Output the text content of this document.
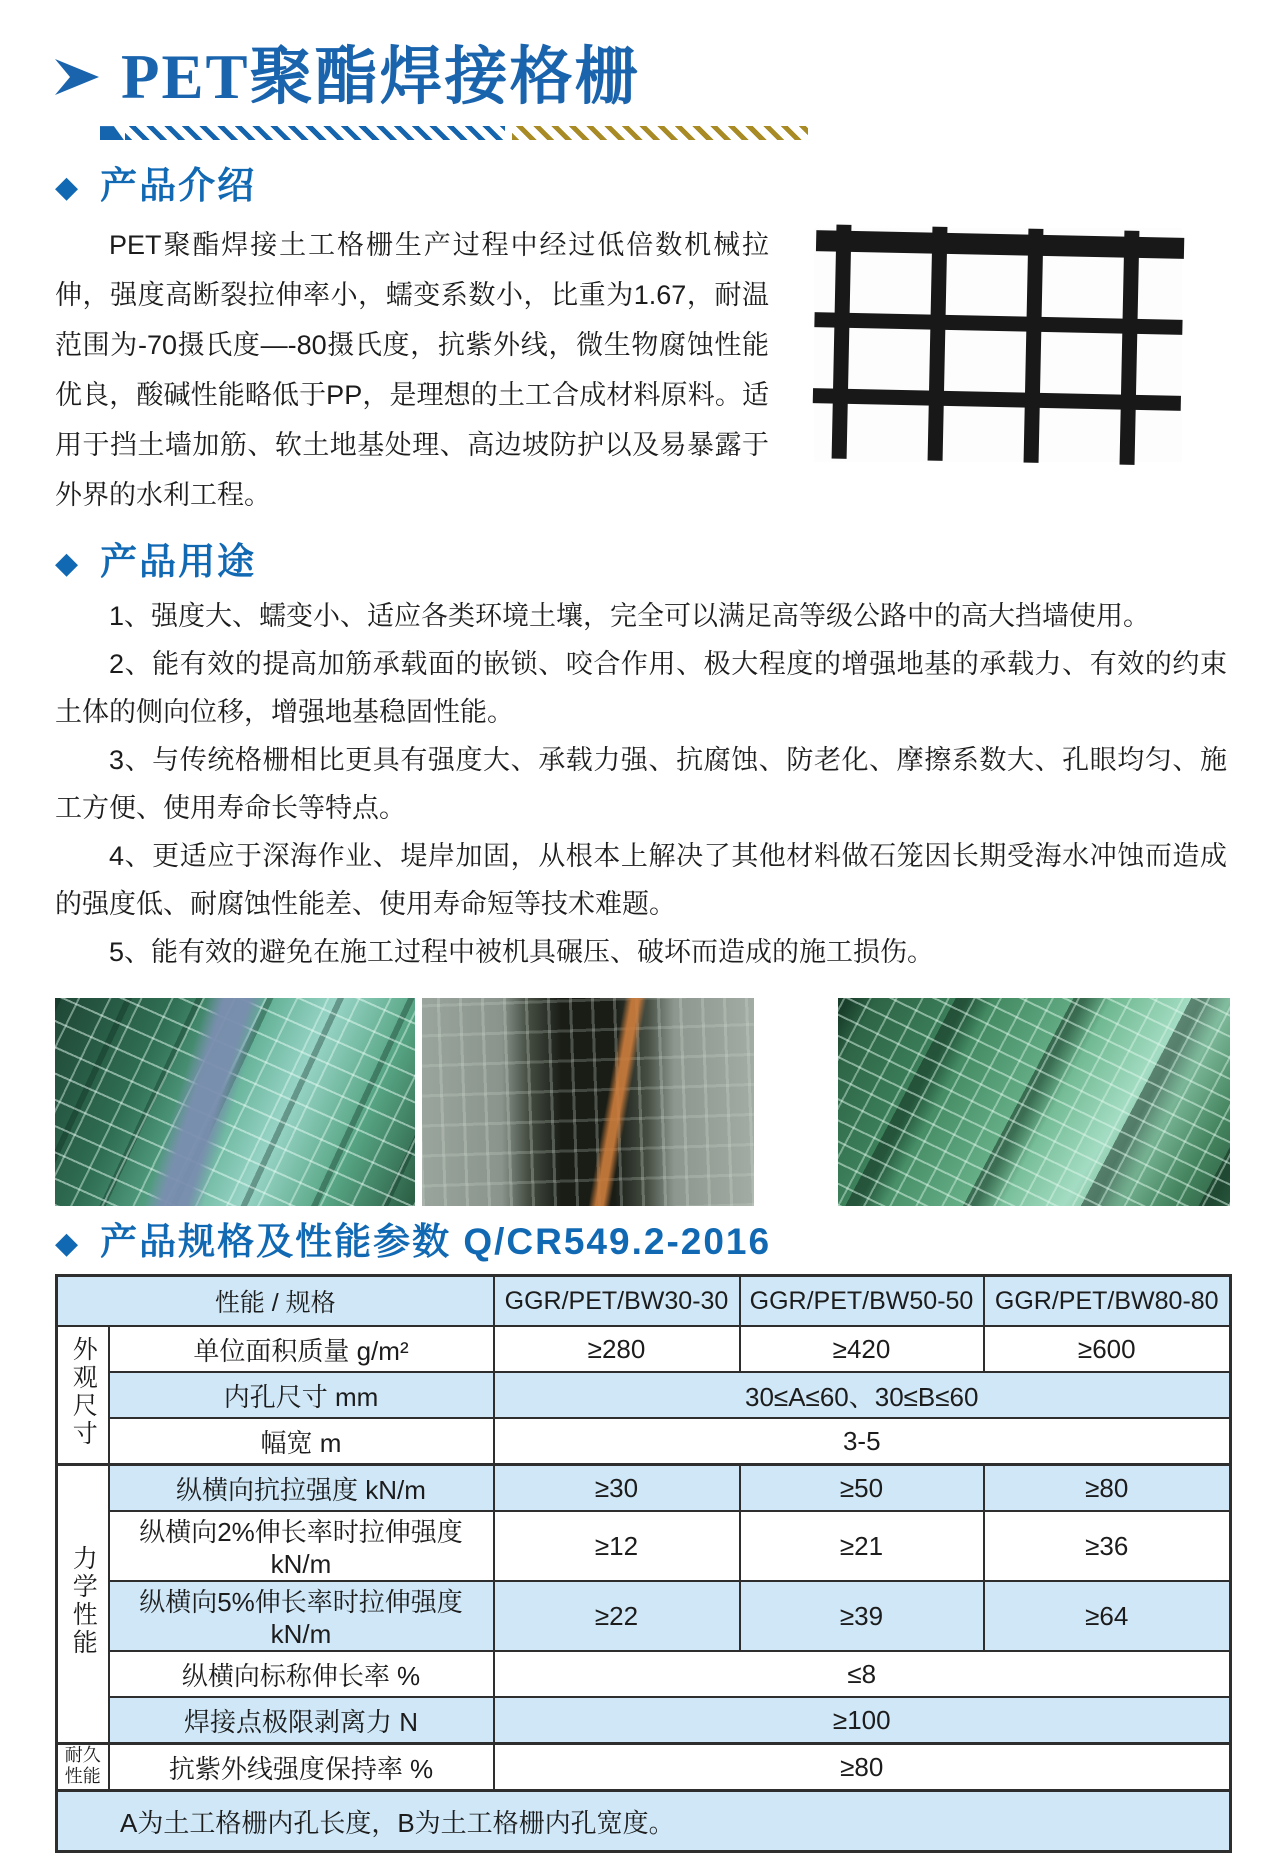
PET聚酯焊接格栅
◆ 产品介绍

PET聚酯焊接土工格栅生产过程中经过低倍数机械拉伸，强度高断裂拉伸率小，蠕变系数小，比重为1.67，耐温范围为-70摄氏度—-80摄氏度，抗紫外线，微生物腐蚀性能优良，酸碱性能略低于PP，是理想的土工合成材料原料。适用于挡土墙加筋、软土地基处理、高边坡防护以及易暴露于外界的水利工程。

◆ 产品用途

1、强度大、蠕变小、适应各类环境土壤，完全可以满足高等级公路中的高大挡墙使用。

2、能有效的提高加筋承载面的嵌锁、咬合作用、极大程度的增强地基的承载力、有效的约束土体的侧向位移，增强地基稳固性能。

3、与传统格栅相比更具有强度大、承载力强、抗腐蚀、防老化、摩擦系数大、孔眼均匀、施工方便、使用寿命长等特点。

4、更适应于深海作业、堤岸加固，从根本上解决了其他材料做石笼因长期受海水冲蚀而造成的强度低、耐腐蚀性能差、使用寿命短等技术难题。

5、能有效的避免在施工过程中被机具碾压、破坏而造成的施工损伤。

◆ 产品规格及性能参数 Q/CR549.2-2016
性能 / 规格		GGR/PET/BW30-30	GGR/PET/BW50-50	GGR/PET/BW80-80
外观尺寸	单位面积质量 g/m²	≥280	≥420	≥600
	内孔尺寸 mm	30≤A≤60、30≤B≤60		
	幅宽 m	3-5		
力学性能	纵横向抗拉强度 kN/m	≥30	≥50	≥80
	纵横向2%伸长率时拉伸强度 kN/m	≥12	≥21	≥36
	纵横向5%伸长率时拉伸强度 kN/m	≥22	≥39	≥64
	纵横向标称伸长率 %	≤8		
	焊接点极限剥离力 N	≥100		
耐久性能	抗紫外线强度保持率 %	≥80		
A为土工格栅内孔长度，B为土工格栅内孔宽度。				
